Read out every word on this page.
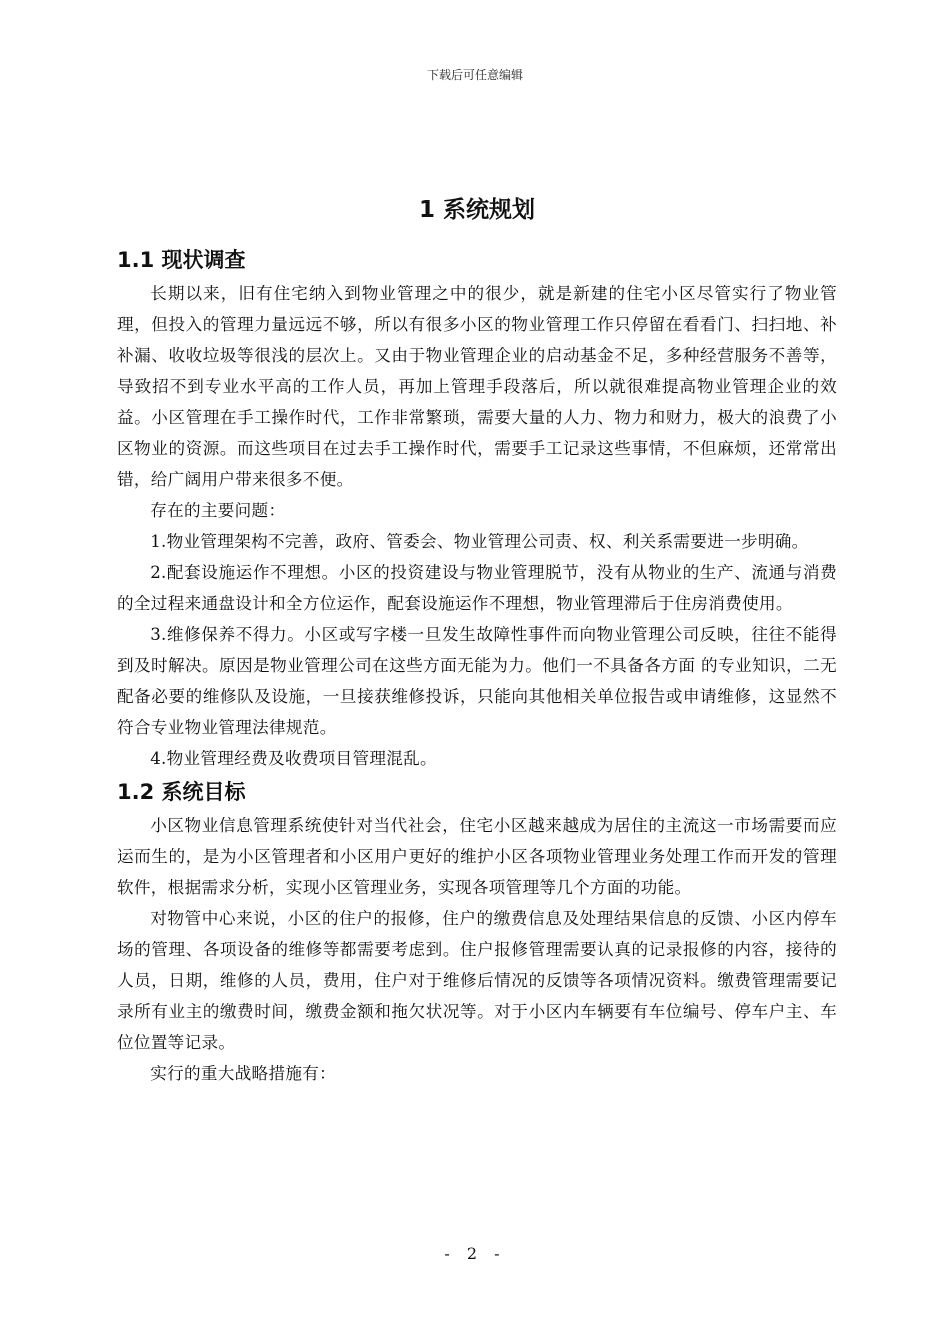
下载后可任意编辑
1 系统规划
1.1 现状调查

长期以来，旧有住宅纳入到物业管理之中的很少，就是新建的住宅小区尽管实行了物业管理，但投入的管理力量远远不够，所以有很多小区的物业管理工作只停留在看看门、扫扫地、补补漏、收收垃圾等很浅的层次上。又由于物业管理企业的启动基金不足，多种经营服务不善等，导致招不到专业水平高的工作人员，再加上管理手段落后，所以就很难提高物业管理企业的效益。小区管理在手工操作时代，工作非常繁琐，需要大量的人力、物力和财力，极大的浪费了小区物业的资源。而这些项目在过去手工操作时代，需要手工记录这些事情，不但麻烦，还常常出错，给广阔用户带来很多不便。

存在的主要问题：

1.物业管理架构不完善，政府、管委会、物业管理公司责、权、利关系需要进一步明确。

2.配套设施运作不理想。小区的投资建设与物业管理脱节，没有从物业的生产、流通与消费的全过程来通盘设计和全方位运作，配套设施运作不理想，物业管理滞后于住房消费使用。

3.维修保养不得力。小区或写字楼一旦发生故障性事件而向物业管理公司反映，往往不能得到及时解决。原因是物业管理公司在这些方面无能为力。他们一不具备各方面 的专业知识，二无配备必要的维修队及设施，一旦接获维修投诉，只能向其他相关单位报告或申请维修，这显然不符合专业物业管理法律规范。

4.物业管理经费及收费项目管理混乱。

1.2 系统目标

小区物业信息管理系统使针对当代社会，住宅小区越来越成为居住的主流这一市场需要而应运而生的，是为小区管理者和小区用户更好的维护小区各项物业管理业务处理工作而开发的管理软件，根据需求分析，实现小区管理业务，实现各项管理等几个方面的功能。

对物管中心来说，小区的住户的报修，住户的缴费信息及处理结果信息的反馈、小区内停车场的管理、各项设备的维修等都需要考虑到。住户报修管理需要认真的记录报修的内容，接待的人员，日期，维修的人员，费用，住户对于维修后情况的反馈等各项情况资料。缴费管理需要记录所有业主的缴费时间，缴费金额和拖欠状况等。对于小区内车辆要有车位编号、停车户主、车位位置等记录。

实行的重大战略措施有：

- 2 -
